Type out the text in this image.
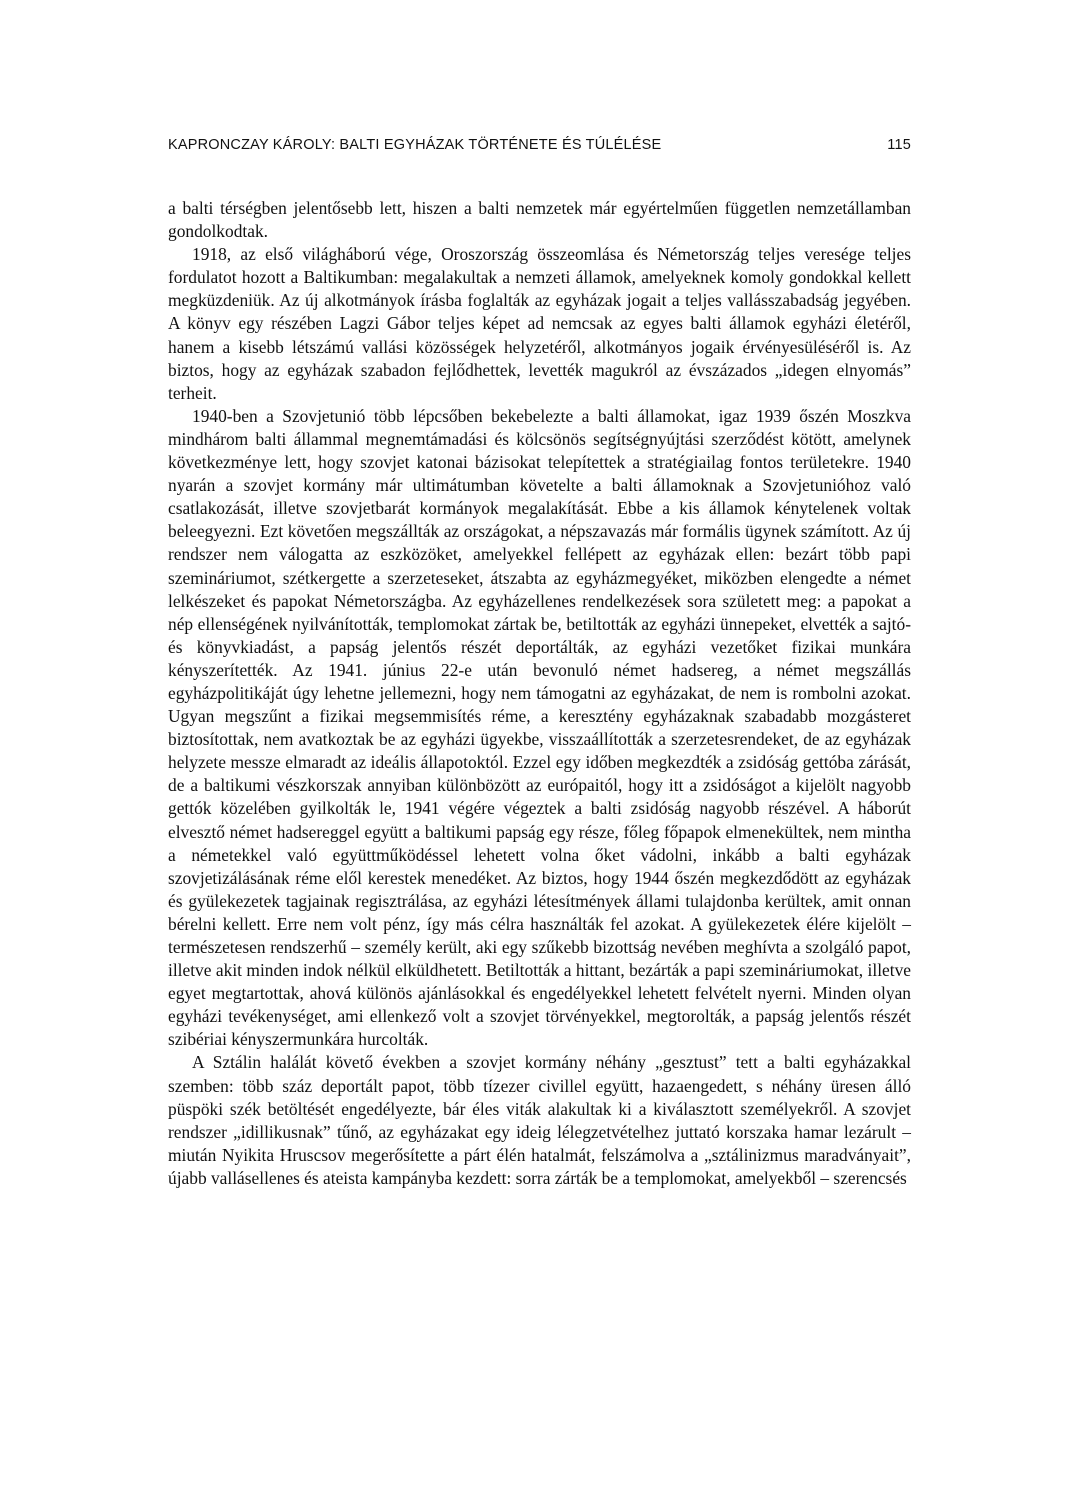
KAPRONCZAY KÁROLY: BALTI EGYHÁZAK TÖRTÉNETE ÉS TÚLÉLÉSE	115

a balti térségben jelentősebb lett, hiszen a balti nemzetek már egyértelműen független nemzetállamban gondolkodtak.

1918, az első világháború vége, Oroszország összeomlása és Németország teljes veresége teljes fordulatot hozott a Baltikumban: megalakultak a nemzeti államok, amelyeknek komoly gondokkal kellett megküzdeniük. Az új alkotmányok írásba foglalták az egyházak jogait a teljes vallásszabadság jegyében. A könyv egy részében Lagzi Gábor teljes képet ad nemcsak az egyes balti államok egyházi életéről, hanem a kisebb létszámú vallási közösségek helyzetéről, alkotmányos jogaik érvényesüléséről is. Az biztos, hogy az egyházak szabadon fejlődhettek, levették magukról az évszázados „idegen elnyomás” terheit.

1940-ben a Szovjetunió több lépcsőben bekebelezte a balti államokat, igaz 1939 őszén Moszkva mindhárom balti állammal megnemtámadási és kölcsönös segítségnyújtási szerződést kötött, amelynek következménye lett, hogy szovjet katonai bázisokat telepítettek a stratégiailag fontos területekre. 1940 nyarán a szovjet kormány már ultimátumban követelte a balti államoknak a Szovjetunióhoz való csatlakozását, illetve szovjetbarát kormányok megalakítását. Ebbe a kis államok kénytelenek voltak beleegyezni. Ezt követően megszállták az országokat, a népszavazás már formális ügynek számított. Az új rendszer nem válogatta az eszközöket, amelyekkel fellépett az egyházak ellen: bezárt több papi szemináriumot, szétkergette a szerzeteseket, átszabta az egyházmegyéket, miközben elengedte a német lelkészeket és papokat Németországba. Az egyházellenes rendelkezések sora született meg: a papokat a nép ellenségének nyilvánították, templomokat zártak be, betiltották az egyházi ünnepeket, elvették a sajtó- és könyvkiadást, a papság jelentős részét deportálták, az egyházi vezetőket fizikai munkára kényszerítették. Az 1941. június 22-e után bevonuló német hadsereg, a német megszállás egyházpolitikáját úgy lehetne jellemezni, hogy nem támogatni az egyházakat, de nem is rombolni azokat. Ugyan megszűnt a fizikai megsemmisítés réme, a keresztény egyházaknak szabadabb mozgásteret biztosítottak, nem avatkoztak be az egyházi ügyekbe, visszaállították a szerzetesrendeket, de az egyházak helyzete messze elmaradt az ideális állapotoktól. Ezzel egy időben megkezdték a zsidóság gettóba zárását, de a baltikumi vészkorszak annyiban különbözött az európaitól, hogy itt a zsidóságot a kijelölt nagyobb gettók közelében gyilkolták le, 1941 végére végeztek a balti zsidóság nagyobb részével. A háborút elvesztő német hadsereggel együtt a baltikumi papság egy része, főleg főpapok elmenekültek, nem mintha a németekkel való együttműködéssel lehetett volna őket vádolni, inkább a balti egyházak szovjetizálásának réme elől kerestek menedéket. Az biztos, hogy 1944 őszén megkezdődött az egyházak és gyülekezetek tagjainak regisztrálása, az egyházi létesítmények állami tulajdonba kerültek, amit onnan bérelni kellett. Erre nem volt pénz, így más célra használták fel azokat. A gyülekezetek élére kijelölt – természetesen rendszerhű – személy került, aki egy szűkebb bizottság nevében meghívta a szolgáló papot, illetve akit minden indok nélkül elküldhetett. Betiltották a hittant, bezárták a papi szemináriumokat, illetve egyet megtartottak, ahová különös ajánlásokkal és engedélyekkel lehetett felvételt nyerni. Minden olyan egyházi tevékenységet, ami ellenkező volt a szovjet törvényekkel, megtorolták, a papság jelentős részét szibériai kényszermunkára hurcolták.

A Sztálin halálát követő években a szovjet kormány néhány „gesztust” tett a balti egyházakkal szemben: több száz deportált papot, több tízezer civillel együtt, hazaengedett, s néhány üresen álló püspöki szék betöltését engedélyezte, bár éles viták alakultak ki a kiválasztott személyekről. A szovjet rendszer „idillikusnak” tűnő, az egyházakat egy ideig lélegzetvételhez juttató korszaka hamar lezárult – miután Nyikita Hruscsov megerősítette a párt élén hatalmát, felszámolva a „sztálinizmus maradványait”, újabb vallásellenes és ateista kampányba kezdett: sorra zárták be a templomokat, amelyekből – szerencsés
